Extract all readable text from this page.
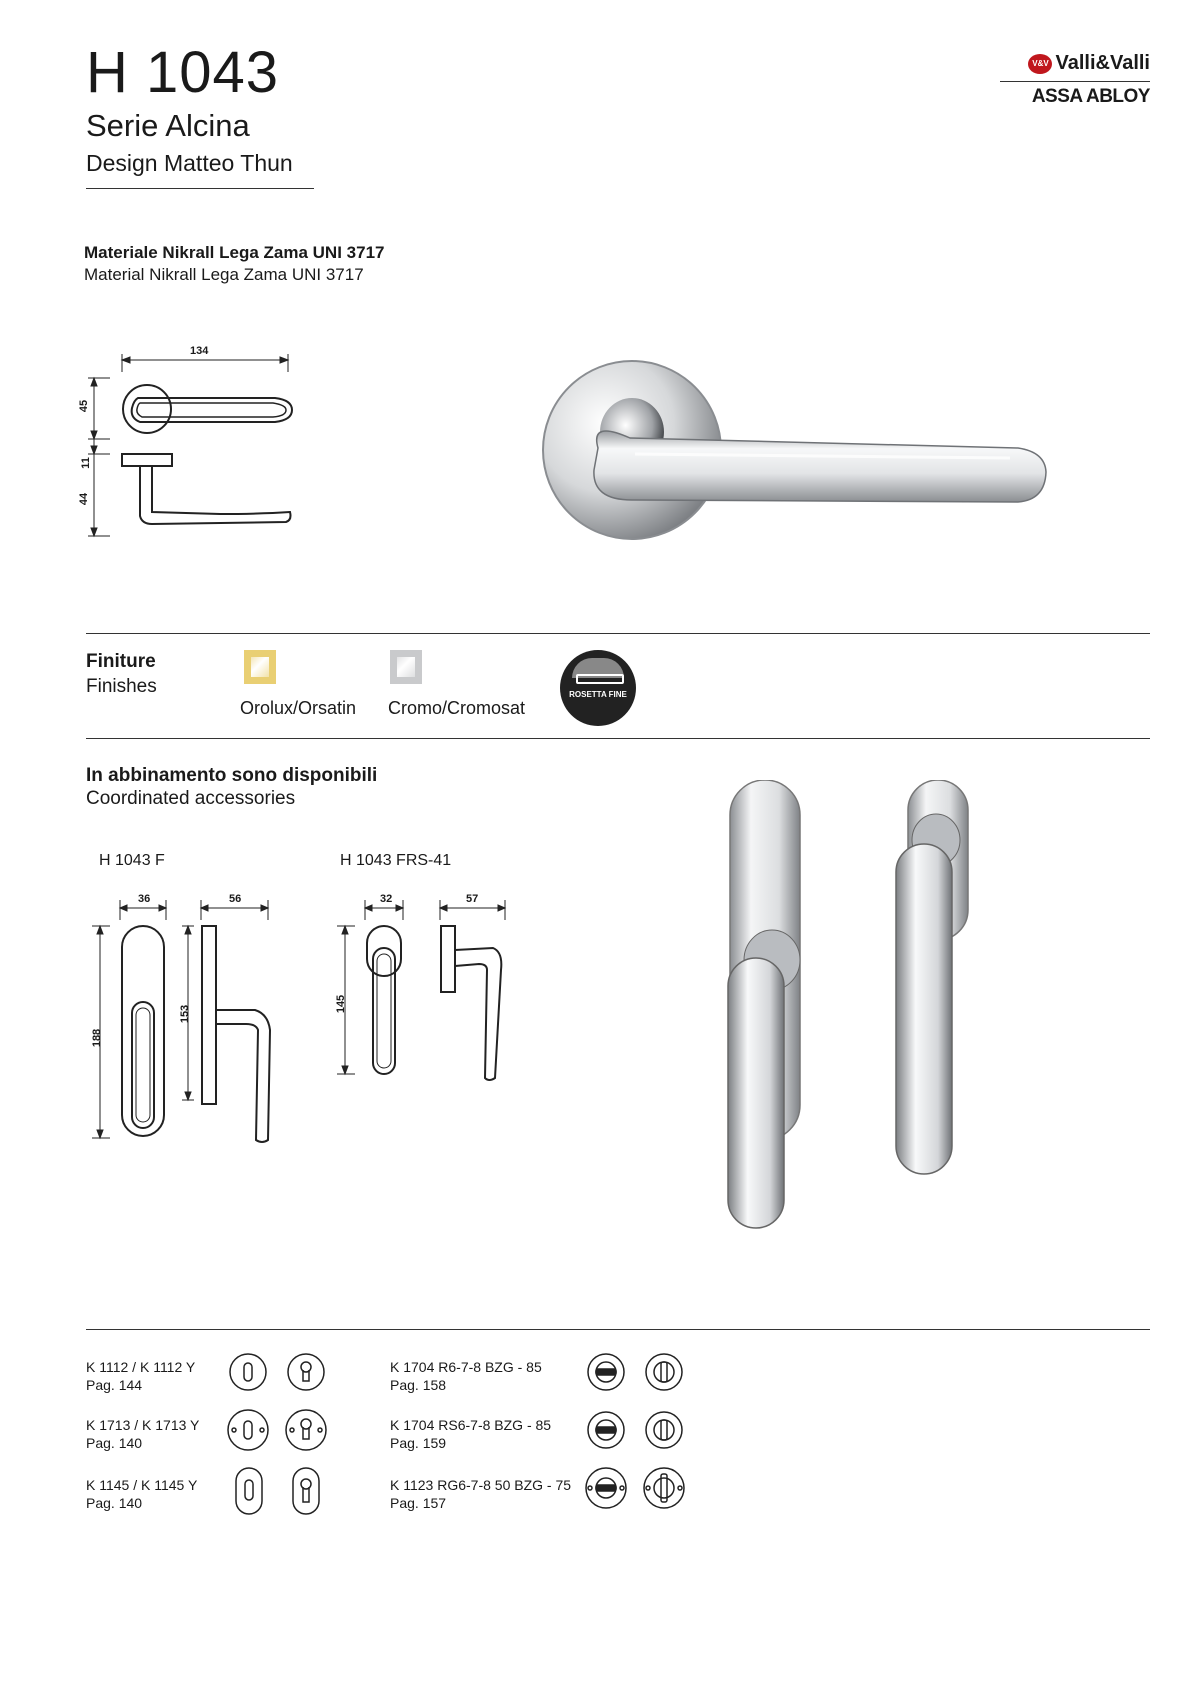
H 1043
Serie Alcina
Design Matteo Thun
V&V Valli&Valli
ASSA ABLOY
Materiale Nikrall Lega Zama UNI 3717
Material Nikrall Lega Zama UNI 3717
134
45
11
44
Finiture
Finishes
Orolux/Orsatin Cromo/Cromosat
ROSETTA FINE
In abbinamento sono disponibili
Coordinated accessories
H 1043 F	H 1043 FRS-41
36	56
188
153
32	57
145
K 1112 / K 1112 Y
Pag. 144
K 1713 / K 1713 Y
Pag. 140
K 1145 / K 1145 Y
Pag. 140
K 1704 R6-7-8 BZG - 85
Pag. 158
K 1704 RS6-7-8 BZG - 85
Pag. 159
K 1123 RG6-7-8 50 BZG - 75
Pag. 157
